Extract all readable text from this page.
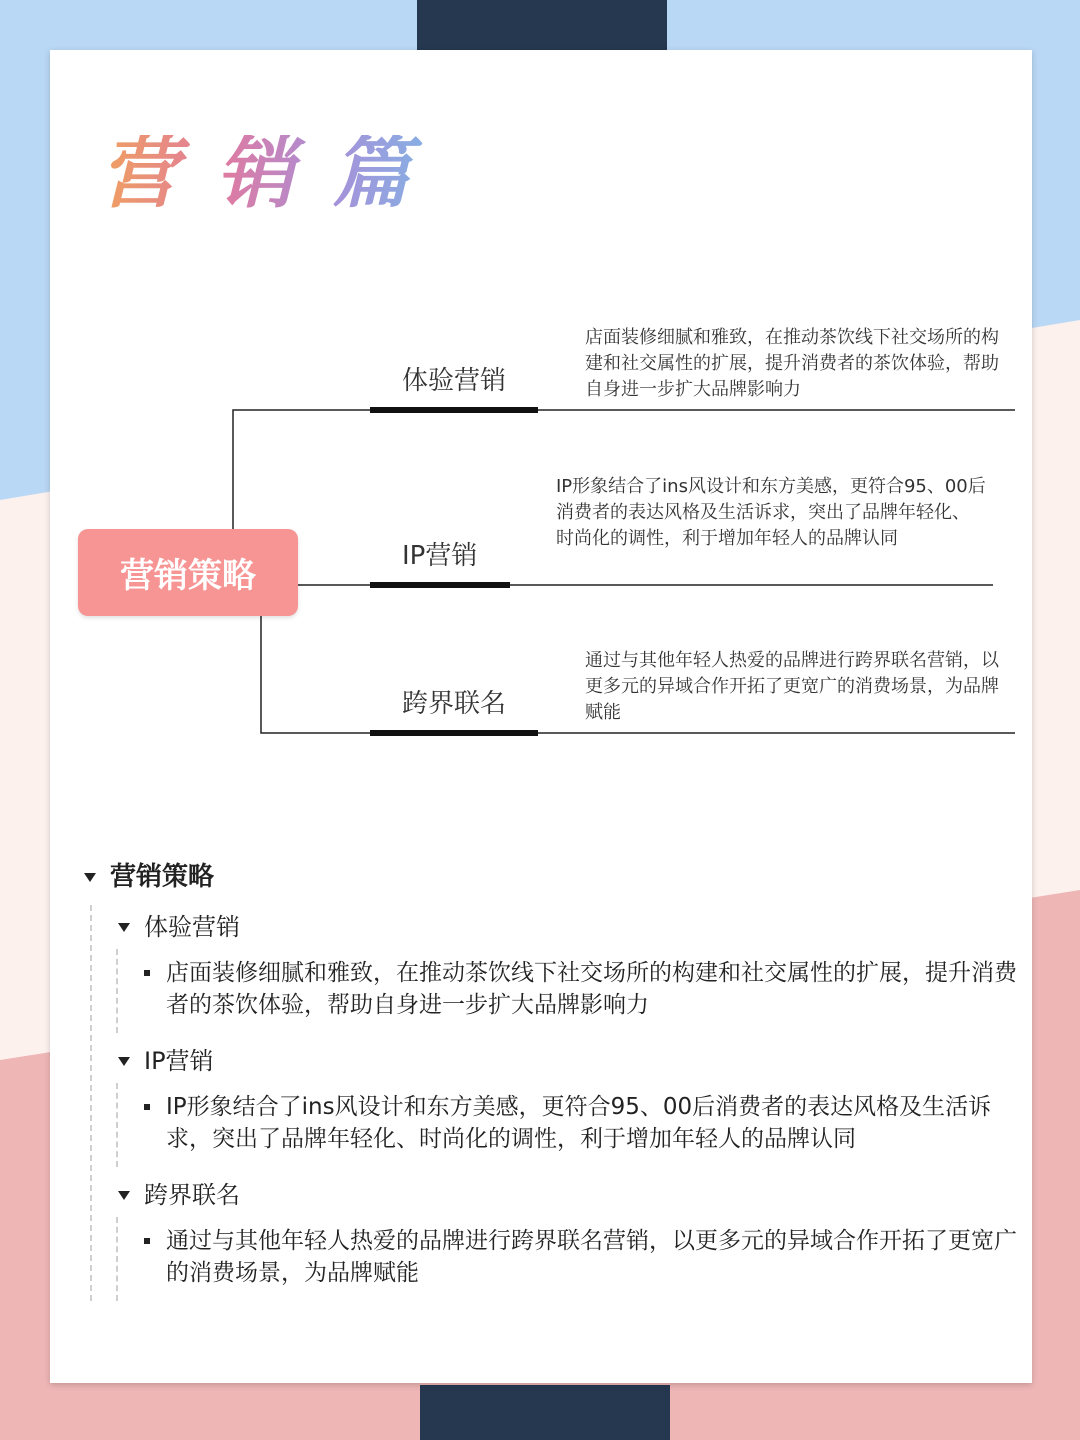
营销篇
营销策略
体验营销
店面装修细腻和雅致，在推动茶饮线下社交场所的构建和社交属性的扩展，提升消费者的茶饮体验，帮助自身进一步扩大品牌影响力
IP营销
IP形象结合了ins风设计和东方美感，更符合95、00后消费者的表达风格及生活诉求，突出了品牌年轻化、时尚化的调性，利于增加年轻人的品牌认同
跨界联名
通过与其他年轻人热爱的品牌进行跨界联名营销，以更多元的异域合作开拓了更宽广的消费场景，为品牌赋能
营销策略
体验营销
店面装修细腻和雅致，在推动茶饮线下社交场所的构建和社交属性的扩展，提升消费者的茶饮体验，帮助自身进一步扩大品牌影响力
IP营销
IP形象结合了ins风设计和东方美感，更符合95、00后消费者的表达风格及生活诉求，突出了品牌年轻化、时尚化的调性，利于增加年轻人的品牌认同
跨界联名
通过与其他年轻人热爱的品牌进行跨界联名营销，以更多元的异域合作开拓了更宽广的消费场景，为品牌赋能
